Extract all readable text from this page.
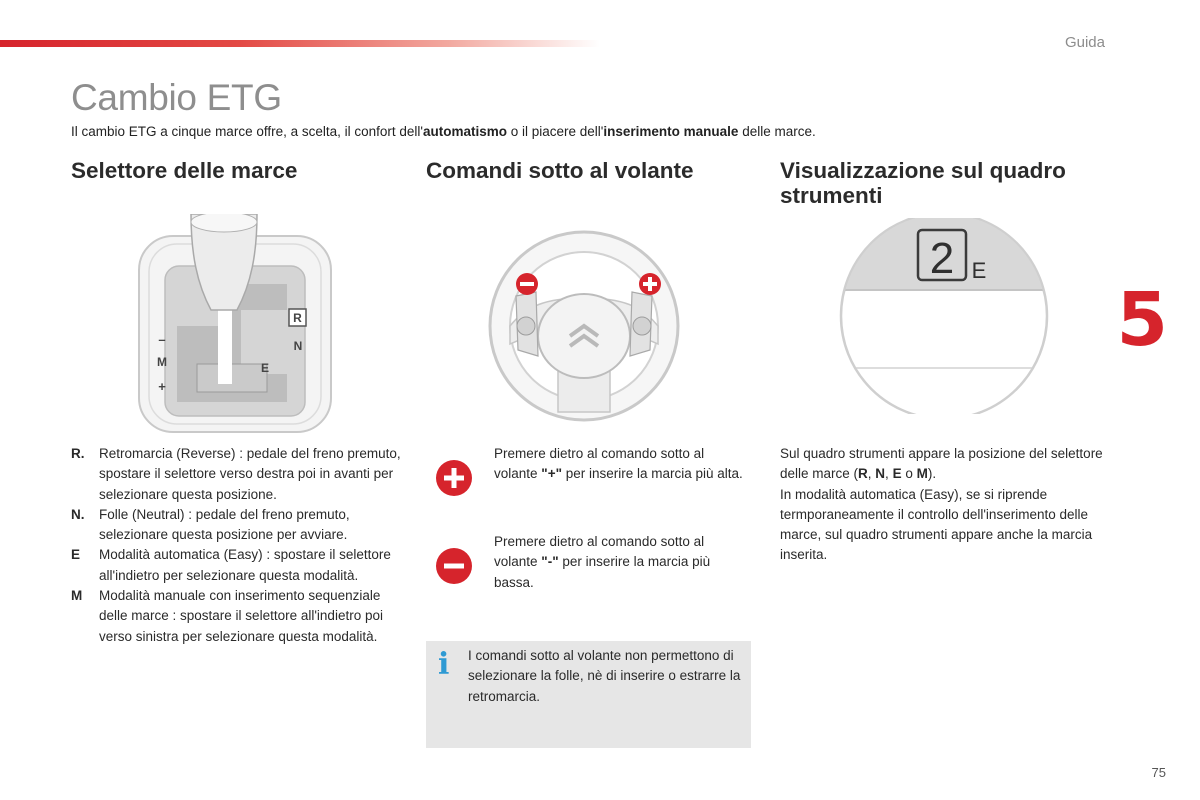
Guida
5
75
Cambio ETG
Il cambio ETG a cinque marce offre, a scelta, il confort dell'automatismo o il piacere dell'inserimento manuale delle marce.
Selettore delle marce
R
N
E
M
–
+
R.	Retromarcia (Reverse) : pedale del freno premuto, spostare il selettore verso destra poi in avanti per selezionare questa posizione.
N.	Folle (Neutral) : pedale del freno premuto, selezionare questa posizione per avviare.
E	Modalità automatica (Easy) : spostare il selettore all'indietro per selezionare questa modalità.
M	Modalità manuale con inserimento sequenziale delle marce : spostare il selettore all'indietro poi verso sinistra per selezionare questa modalità.
Comandi sotto al volante
Premere dietro al comando sotto al volante "+" per inserire la marcia più alta.
Premere dietro al comando sotto al volante "-" per inserire la marcia più bassa.
i I comandi sotto al volante non permettono di selezionare la folle, nè di inserire o estrarre la retromarcia.
Visualizzazione sul quadro strumenti
2 E
Sul quadro strumenti appare la posizione del selettore delle marce (R, N, E o M).
In modalità automatica (Easy), se si riprende termporaneamente il controllo dell'inserimento delle marce, sul quadro strumenti appare anche la marcia inserita.
